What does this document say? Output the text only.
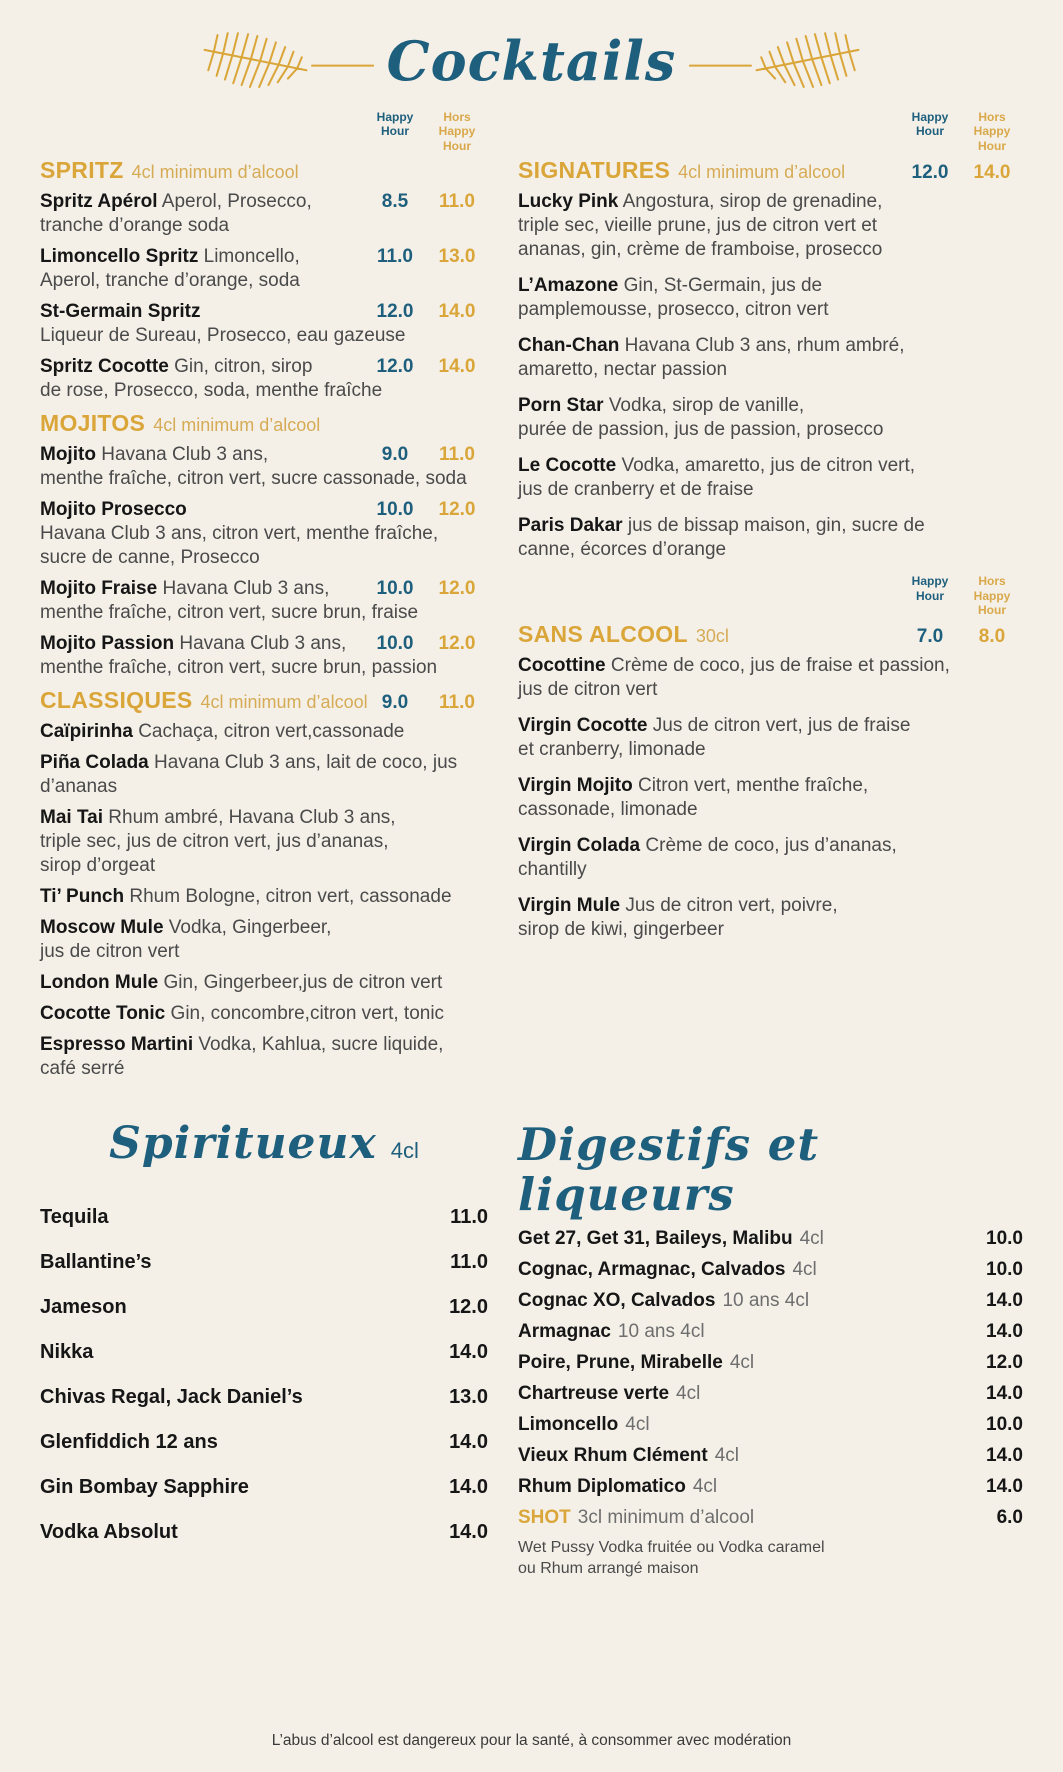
Cocktails
Happy Hour
Hors Happy Hour
SPRITZ 4cl minimum d’alcool
Spritz Apérol Aperol, Prosecco,	8.5	11.0
tranche d’orange soda
Limoncello Spritz Limoncello,	11.0	13.0
Aperol, tranche d’orange, soda
St-Germain Spritz	12.0	14.0
Liqueur de Sureau, Prosecco, eau gazeuse
Spritz Cocotte Gin, citron, sirop	12.0	14.0
de rose, Prosecco, soda, menthe fraîche
MOJITOS 4cl minimum d’alcool
Mojito Havana Club 3 ans,	9.0	11.0
menthe fraîche, citron vert, sucre cassonade, soda
Mojito Prosecco	10.0	12.0
Havana Club 3 ans, citron vert, menthe fraîche,
sucre de canne, Prosecco
Mojito Fraise Havana Club 3 ans,	10.0	12.0
menthe fraîche, citron vert, sucre brun, fraise
Mojito Passion Havana Club 3 ans,	10.0	12.0
menthe fraîche, citron vert, sucre brun, passion
CLASSIQUES 4cl minimum d’alcool 9.0	11.0
Caïpirinha Cachaça, citron vert,cassonade
Piña Colada Havana Club 3 ans, lait de coco, jus
d’ananas
Mai Tai Rhum ambré, Havana Club 3 ans,
triple sec, jus de citron vert, jus d’ananas,
sirop d’orgeat
Ti’ Punch Rhum Bologne, citron vert, cassonade
Moscow Mule Vodka, Gingerbeer,
jus de citron vert
London Mule Gin, Gingerbeer,jus de citron vert
Cocotte Tonic Gin, concombre,citron vert, tonic
Espresso Martini Vodka, Kahlua, sucre liquide,
café serré
Happy Hour
Hors Happy Hour
SIGNATURES 4cl minimum d’alcool	12.0	14.0
Lucky Pink Angostura, sirop de grenadine,
triple sec, vieille prune, jus de citron vert et
ananas, gin, crème de framboise, prosecco
L’Amazone Gin, St-Germain, jus de
pamplemousse, prosecco, citron vert
Chan-Chan Havana Club 3 ans, rhum ambré,
amaretto, nectar passion
Porn Star Vodka, sirop de vanille,
purée de passion, jus de passion, prosecco
Le Cocotte Vodka, amaretto, jus de citron vert,
jus de cranberry et de fraise
Paris Dakar jus de bissap maison, gin, sucre de
canne, écorces d’orange
Happy Hour
Hors Happy Hour
SANS ALCOOL 30cl	7.0	8.0
Cocottine Crème de coco, jus de fraise et passion,
jus de citron vert
Virgin Cocotte Jus de citron vert, jus de fraise
et cranberry, limonade
Virgin Mojito Citron vert, menthe fraîche,
cassonade, limonade
Virgin Colada Crème de coco, jus d’ananas,
chantilly
Virgin Mule Jus de citron vert, poivre,
sirop de kiwi, gingerbeer
Spiritueux 4cl
Tequila	11.0
Ballantine’s	11.0
Jameson	12.0
Nikka	14.0
Chivas Regal, Jack Daniel’s	13.0
Glenfiddich 12 ans	14.0
Gin Bombay Sapphire	14.0
Vodka Absolut	14.0
Digestifs et liqueurs
Get 27, Get 31, Baileys, Malibu 4cl	10.0
Cognac, Armagnac, Calvados 4cl	10.0
Cognac XO, Calvados 10 ans 4cl	14.0
Armagnac 10 ans 4cl	14.0
Poire, Prune, Mirabelle 4cl	12.0
Chartreuse verte 4cl	14.0
Limoncello 4cl	10.0
Vieux Rhum Clément 4cl	14.0
Rhum Diplomatico 4cl	14.0
SHOT 3cl minimum d’alcool	6.0
Wet Pussy Vodka fruitée ou Vodka caramel
ou Rhum arrangé maison
L’abus d’alcool est dangereux pour la santé, à consommer avec modération
